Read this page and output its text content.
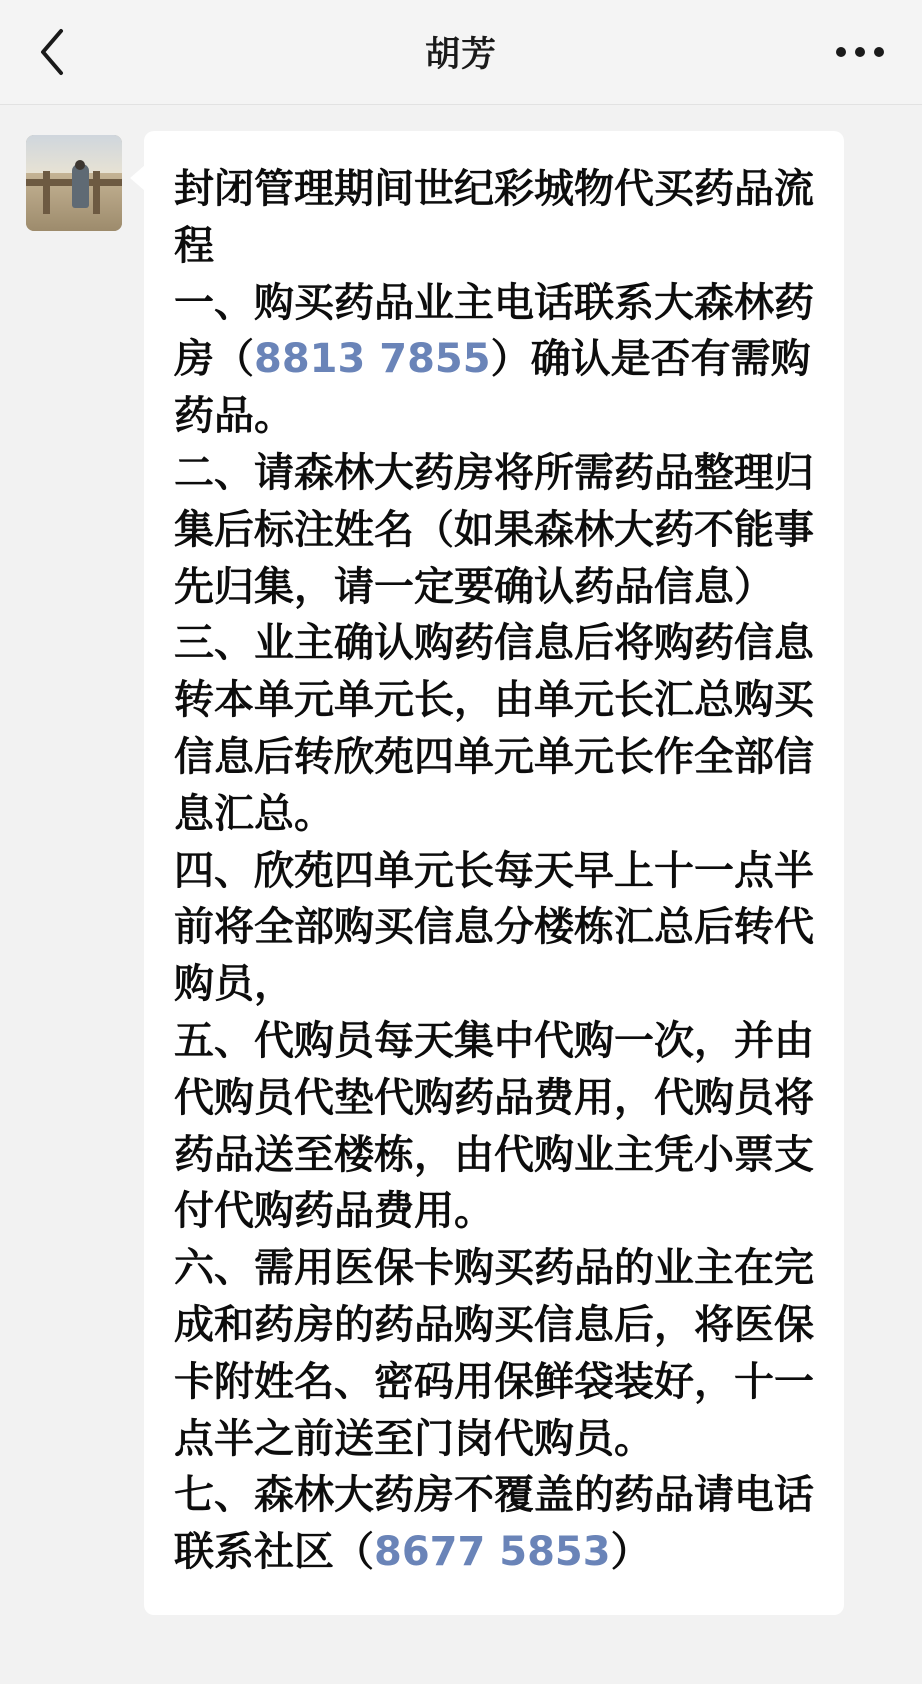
胡芳

封闭管理期间世纪彩城物代买药品流程
一、购买药品业主电话联系大森林药房（8813 7855）确认是否有需购药品。
二、请森林大药房将所需药品整理归集后标注姓名（如果森林大药不能事先归集，请一定要确认药品信息）
三、业主确认购药信息后将购药信息转本单元单元长，由单元长汇总购买信息后转欣苑四单元单元长作全部信息汇总。
四、欣苑四单元长每天早上十一点半前将全部购买信息分楼栋汇总后转代购员，
五、代购员每天集中代购一次，并由代购员代垫代购药品费用，代购员将药品送至楼栋，由代购业主凭小票支付代购药品费用。
六、需用医保卡购买药品的业主在完成和药房的药品购买信息后，将医保卡附姓名、密码用保鲜袋装好，十一点半之前送至门岗代购员。
七、森林大药房不覆盖的药品请电话联系社区（8677 5853）
